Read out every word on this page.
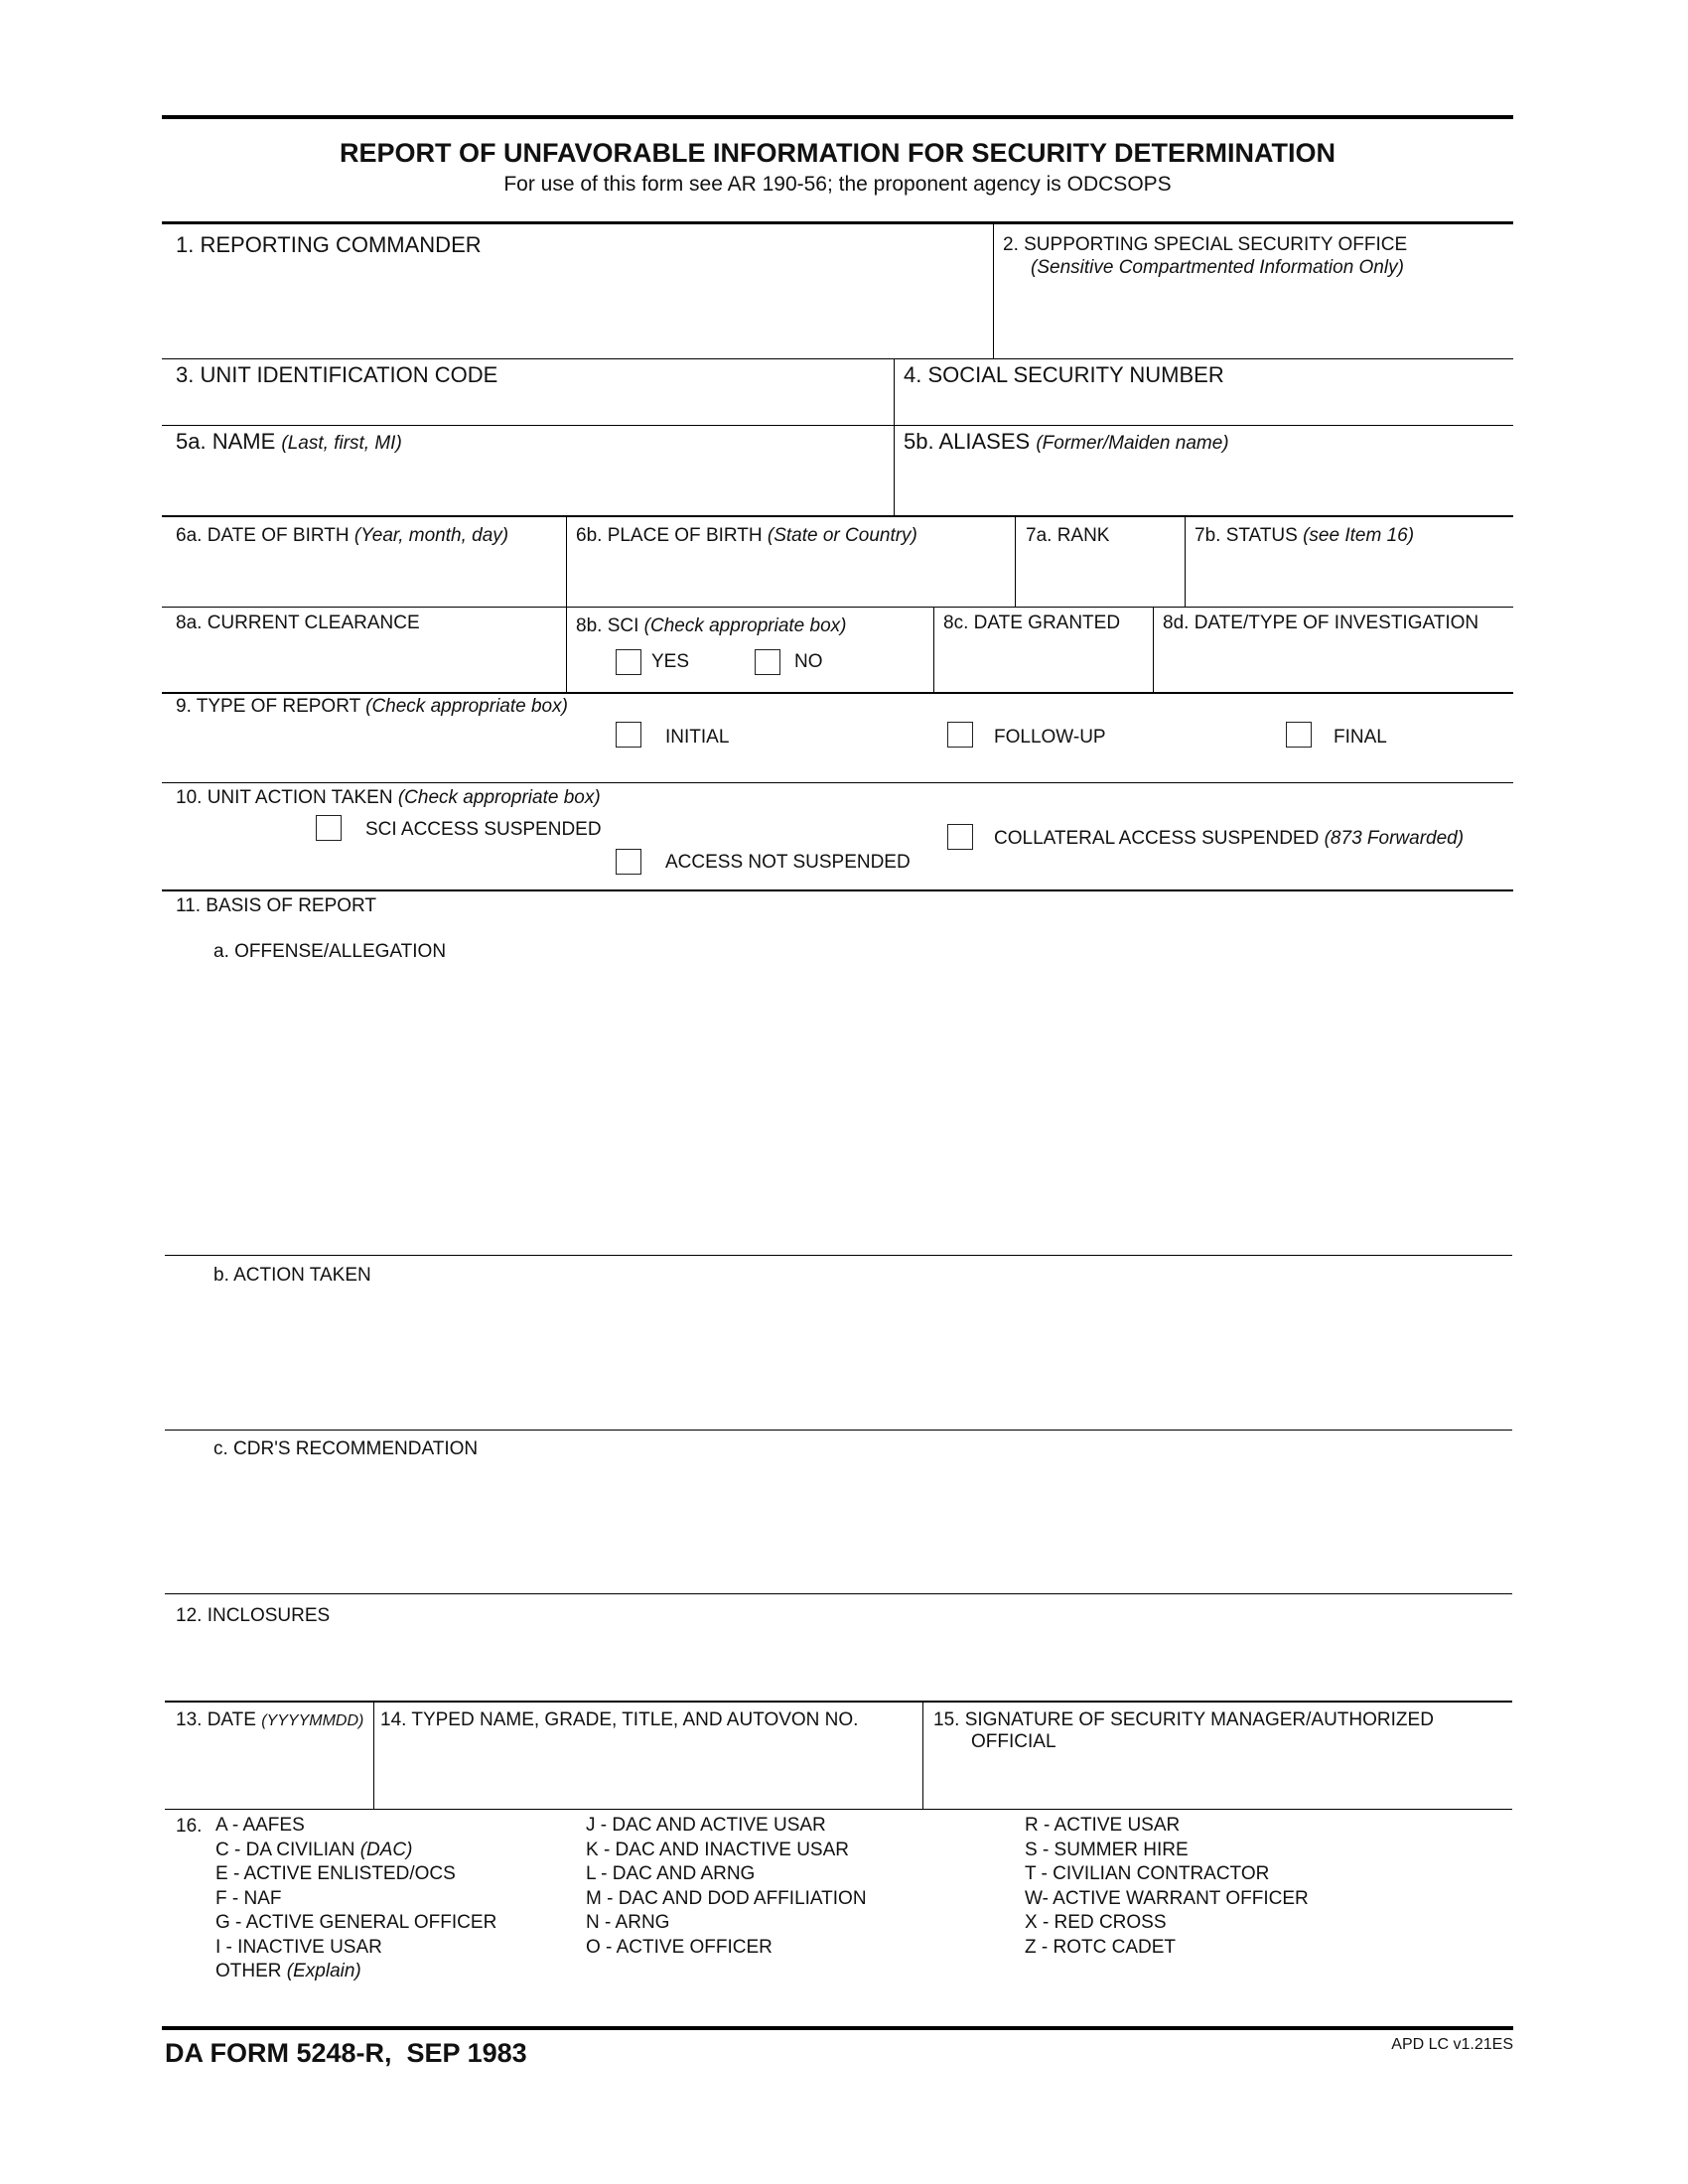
REPORT OF UNFAVORABLE INFORMATION FOR SECURITY DETERMINATION
For use of this form see AR 190-56; the proponent agency is ODCSOPS
1. REPORTING COMMANDER	2. SUPPORTING SPECIAL SECURITY OFFICE
(Sensitive Compartmented Information Only)
3. UNIT IDENTIFICATION CODE	4. SOCIAL SECURITY NUMBER
5a. NAME (Last, first, MI)	5b. ALIASES (Former/Maiden name)
6a. DATE OF BIRTH (Year, month, day)	6b. PLACE OF BIRTH (State or Country)	7a. RANK	7b. STATUS (see Item 16)
8a. CURRENT CLEARANCE	8b. SCI (Check appropriate box)
YES	NO
8c. DATE GRANTED 8d. DATE/TYPE OF INVESTIGATION
9. TYPE OF REPORT (Check appropriate box)
INITIAL	FOLLOW-UP	FINAL
10. UNIT ACTION TAKEN (Check appropriate box)
SCI ACCESS SUSPENDED
ACCESS NOT SUSPENDED
COLLATERAL ACCESS SUSPENDED (873 Forwarded)
11. BASIS OF REPORT
a. OFFENSE/ALLEGATION
b. ACTION TAKEN
c. CDR'S RECOMMENDATION
12. INCLOSURES
13. DATE (YYYYMMDD) 14. TYPED NAME, GRADE, TITLE, AND AUTOVON NO.	15. SIGNATURE OF SECURITY MANAGER/AUTHORIZED
OFFICIAL
16. A - AAFES
C - DA CIVILIAN (DAC)
E - ACTIVE ENLISTED/OCS
F - NAF
G - ACTIVE GENERAL OFFICER
I - INACTIVE USAR
OTHER (Explain)
J - DAC AND ACTIVE USAR
K - DAC AND INACTIVE USAR
L - DAC AND ARNG
M - DAC AND DOD AFFILIATION
N - ARNG
O - ACTIVE OFFICER
R - ACTIVE USAR
S - SUMMER HIRE
T - CIVILIAN CONTRACTOR
W- ACTIVE WARRANT OFFICER
X - RED CROSS
Z - ROTC CADET
DA FORM 5248-R,  SEP 1983	APD LC v1.21ES
